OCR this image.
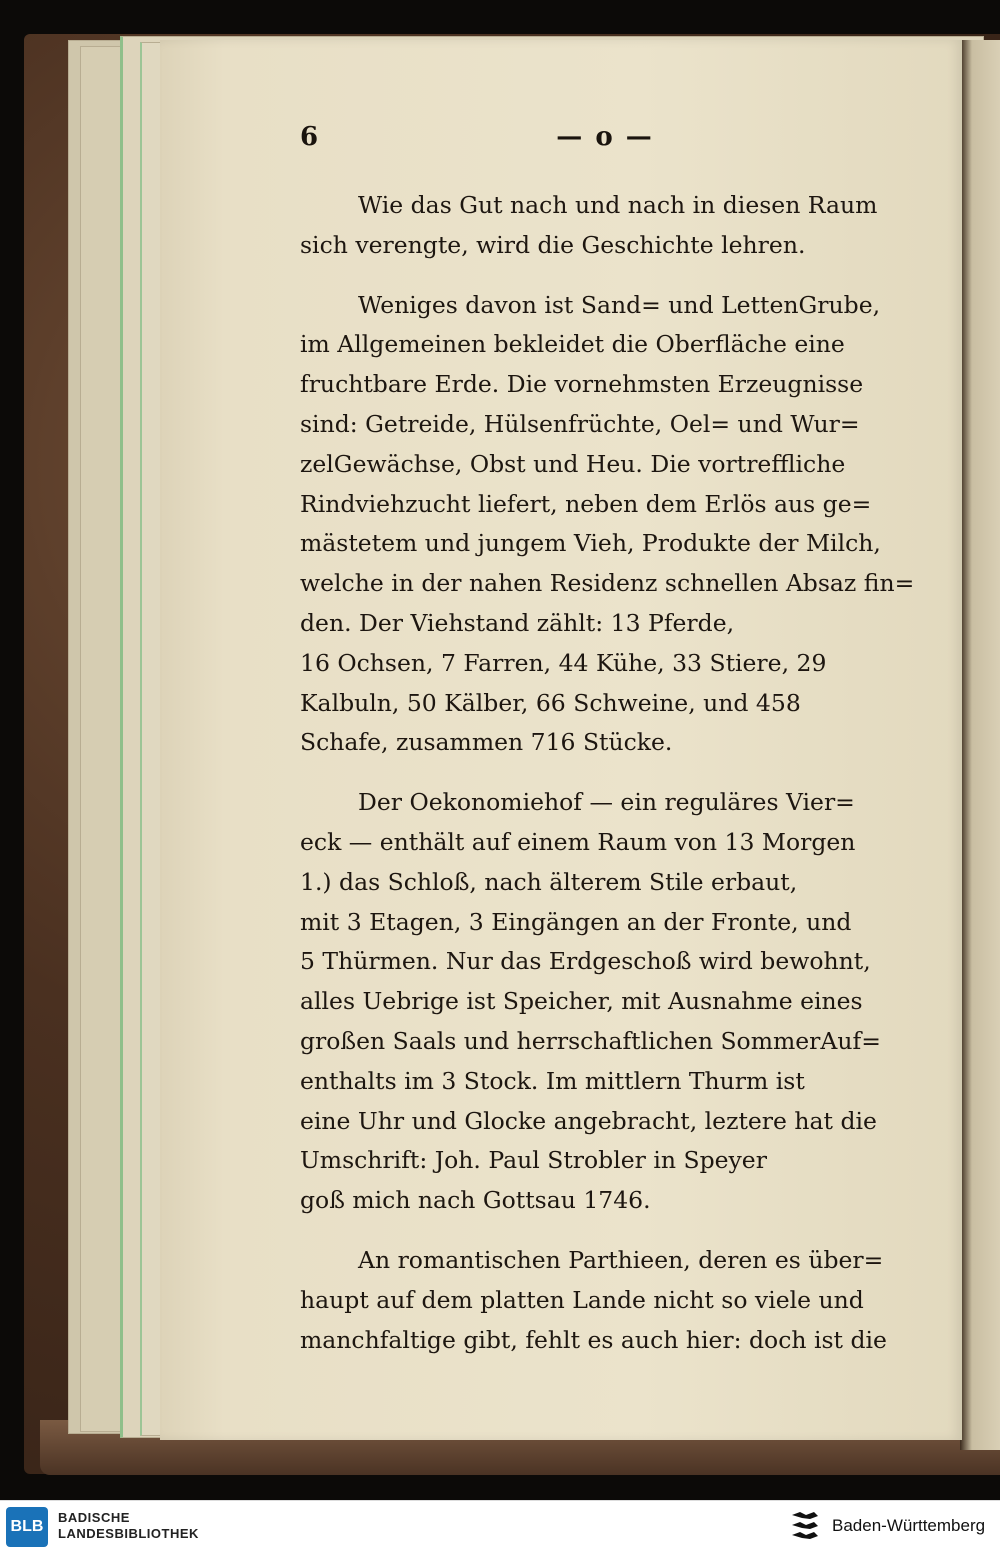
6	— o —
Wie das Gut nach und nach in diesen Raum
sich verengte, wird die Geschichte lehren.
Weniges davon ist Sand= und LettenGrube,
im Allgemeinen bekleidet die Oberfläche eine
fruchtbare Erde. Die vornehmsten Erzeugnisse
sind: Getreide, Hülsenfrüchte, Oel= und Wur=
zelGewächse, Obst und Heu. Die vortreffliche
Rindviehzucht liefert, neben dem Erlös aus ge=
mästetem und jungem Vieh, Produkte der Milch,
welche in der nahen Residenz schnellen Absaz fin=
den. Der Viehstand zählt: 13 Pferde,
16 Ochsen, 7 Farren, 44 Kühe, 33 Stiere, 29
Kalbuln, 50 Kälber, 66 Schweine, und 458
Schafe, zusammen 716 Stücke.
Der Oekonomiehof — ein reguläres Vier=
eck — enthält auf einem Raum von 13 Morgen
1.) das Schloß, nach älterem Stile erbaut,
mit 3 Etagen, 3 Eingängen an der Fronte, und
5 Thürmen. Nur das Erdgeschoß wird bewohnt,
alles Uebrige ist Speicher, mit Ausnahme eines
großen Saals und herrschaftlichen SommerAuf=
enthalts im 3 Stock. Im mittlern Thurm ist
eine Uhr und Glocke angebracht, leztere hat die
Umschrift: Joh. Paul Strobler in Speyer
goß mich nach Gottsau 1746.
An romantischen Parthieen, deren es über=
haupt auf dem platten Lande nicht so viele und
manchfaltige gibt, fehlt es auch hier: doch ist die
BLB
BADISCHE
LANDESBIBLIOTHEK	Baden-Württemberg
